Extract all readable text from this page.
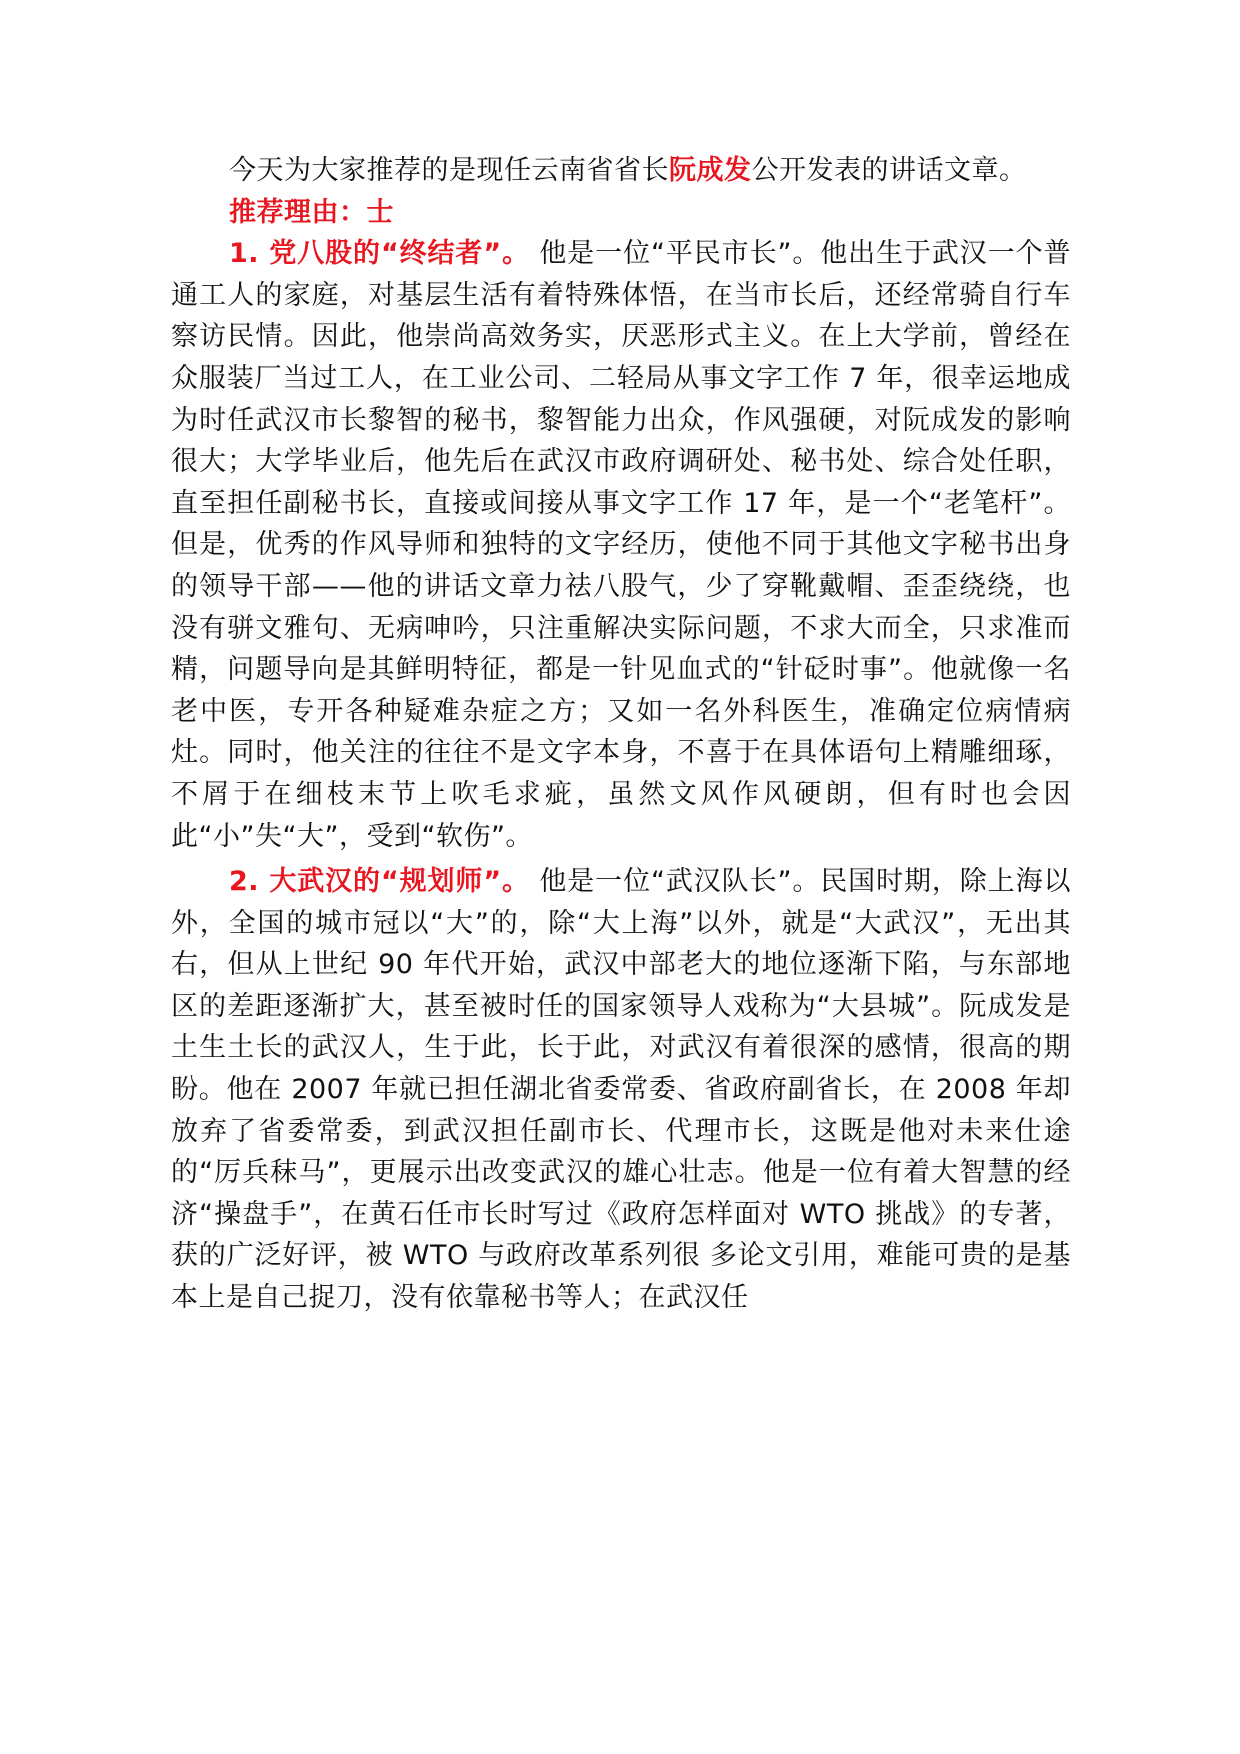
今天为大家推荐的是现任云南省省长阮成发公开发表的讲话文章。

推荐理由：士

1. 党八股的“终结者”。 他是一位“平民市长”。他出生于武汉一个普通工人的家庭，对基层生活有着特殊体悟，在当市长后，还经常骑自行车察访民情。因此，他崇尚高效务实，厌恶形式主义。在上大学前，曾经在众服装厂当过工人，在工业公司、二轻局从事文字工作 7 年，很幸运地成为时任武汉市长黎智的秘书，黎智能力出众，作风强硬，对阮成发的影响很大；大学毕业后，他先后在武汉市政府调研处、秘书处、综合处任职，直至担任副秘书长，直接或间接从事文字工作 17 年，是一个“老笔杆”。但是，优秀的作风导师和独特的文字经历，使他不同于其他文字秘书出身的领导干部——他的讲话文章力祛八股气，少了穿靴戴帽、歪歪绕绕，也没有骈文雅句、无病呻吟，只注重解决实际问题，不求大而全，只求准而精，问题导向是其鲜明特征，都是一针见血式的“针砭时事”。他就像一名老中医，专开各种疑难杂症之方；又如一名外科医生，准确定位病情病灶。同时，他关注的往往不是文字本身，不喜于在具体语句上精雕细琢，不屑于在细枝末节上吹毛求疵，虽然文风作风硬朗，但有时也会因此“小”失“大”，受到“软伤”。

2. 大武汉的“规划师”。 他是一位“武汉队长”。民国时期，除上海以外，全国的城市冠以“大”的，除“大上海”以外，就是“大武汉”，无出其右，但从上世纪 90 年代开始，武汉中部老大的地位逐渐下陷，与东部地区的差距逐渐扩大，甚至被时任的国家领导人戏称为“大县城”。阮成发是土生土长的武汉人，生于此，长于此，对武汉有着很深的感情，很高的期盼。他在 2007 年就已担任湖北省委常委、省政府副省长，在 2008 年却放弃了省委常委，到武汉担任副市长、代理市长，这既是他对未来仕途的“厉兵秣马”，更展示出改变武汉的雄心壮志。他是一位有着大智慧的经济“操盘手”，在黄石任市长时写过《政府怎样面对 WTO 挑战》的专著，获的广泛好评，被 WTO 与政府改革系列很 多论文引用，难能可贵的是基本上是自己捉刀，没有依靠秘书等人；在武汉任
